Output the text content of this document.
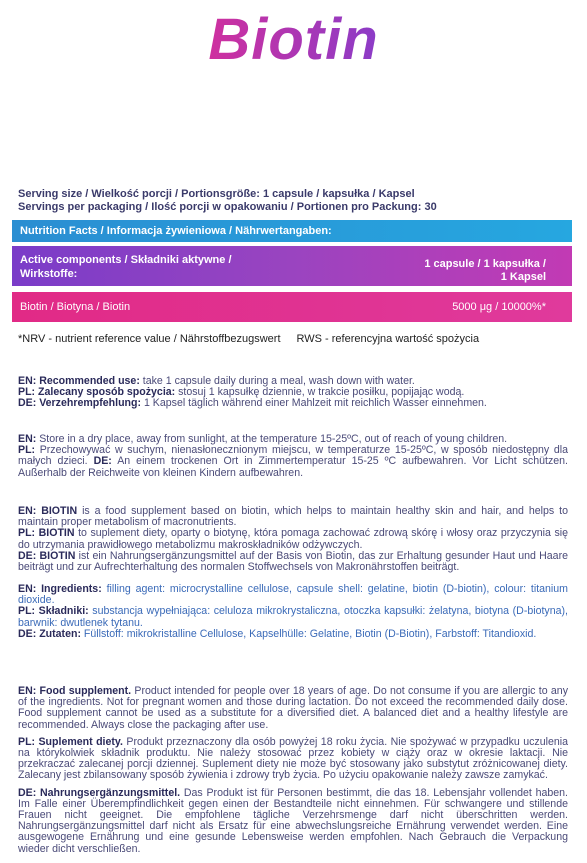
Biotin
Serving size / Wielkość porcji / Portionsgröße: 1 capsule / kapsułka / Kapsel
Servings per packaging / Ilość porcji w opakowaniu / Portionen pro Packung: 30
Nutrition Facts / Informacja żywieniowa / Nährwertangaben:
Active components / Składniki aktywne /
Wirkstoffe:
1 capsule / 1 kapsułka /
1 Kapsel
Biotin / Biotyna / Biotin	5000 μg / 10000%*
*NRV - nutrient reference value / Nährstoffbezugswert RWS - referencyjna wartość spożycia
EN: Recommended use: take 1 capsule daily during a meal, wash down with water.
PL: Zalecany sposób spożycia: stosuj 1 kapsułkę dziennie, w trakcie posiłku, popijając wodą.
DE: Verzehrempfehlung: 1 Kapsel täglich während einer Mahlzeit mit reichlich Wasser einnehmen.
EN: Store in a dry place, away from sunlight, at the temperature 15-25ºC, out of reach of young children.
PL: Przechowywać w suchym, nienasłonecznionym miejscu, w temperaturze 15-25ºC, w sposób niedostępny dla małych dzieci. DE: An einem trockenen Ort in Zimmertemperatur 15-25 ºC aufbewahren. Vor Licht schützen. Außerhalb der Reichweite von kleinen Kindern aufbewahren.
EN: BIOTIN is a food supplement based on biotin, which helps to maintain healthy skin and hair, and helps to maintain proper metabolism of macronutrients.
PL: BIOTIN to suplement diety, oparty o biotynę, która pomaga zachować zdrową skórę i włosy oraz przyczynia się do utrzymania prawidłowego metabolizmu makroskładników odżywczych.
DE: BIOTIN ist ein Nahrungsergänzungsmittel auf der Basis von Biotin, das zur Erhaltung gesunder Haut und Haare beiträgt und zur Aufrechterhaltung des normalen Stoffwechsels von Makronährstoffen beiträgt.
EN: Ingredients: filling agent: microcrystalline cellulose, capsule shell: gelatine, biotin (D-biotin), colour: titanium dioxide.
PL: Składniki: substancja wypełniająca: celuloza mikrokrystaliczna, otoczka kapsułki: żelatyna, biotyna (D-biotyna), barwnik: dwutlenek tytanu.
DE: Zutaten: Füllstoff: mikrokristalline Cellulose, Kapselhülle: Gelatine, Biotin (D-Biotin), Farbstoff: Titandioxid.
EN: Food supplement. Product intended for people over 18 years of age. Do not consume if you are allergic to any of the ingredients. Not for pregnant women and those during lactation. Do not exceed the recommended daily dose. Food supplement cannot be used as a substitute for a diversified diet. A balanced diet and a healthy lifestyle are recommended. Always close the packaging after use.
PL: Suplement diety. Produkt przeznaczony dla osób powyżej 18 roku życia. Nie spożywać w przypadku uczulenia na którykolwiek składnik produktu. Nie należy stosować przez kobiety w ciąży oraz w okresie laktacji. Nie przekraczać zalecanej porcji dziennej. Suplement diety nie może być stosowany jako substytut zróżnicowanej diety. Zalecany jest zbilansowany sposób żywienia i zdrowy tryb życia. Po użyciu opakowanie należy zawsze zamykać.
DE: Nahrungsergänzungsmittel. Das Produkt ist für Personen bestimmt, die das 18. Lebensjahr vollendet haben. Im Falle einer Überempfindlichkeit gegen einen der Bestandteile nicht einnehmen. Für schwangere und stillende Frauen nicht geeignet. Die empfohlene tägliche Verzehrsmenge darf nicht überschritten werden. Nahrungsergänzungsmittel darf nicht als Ersatz für eine abwechslungsreiche Ernährung verwendet werden. Eine ausgewogene Ernährung und eine gesunde Lebensweise werden empfohlen. Nach Gebrauch die Verpackung wieder dicht verschließen.
